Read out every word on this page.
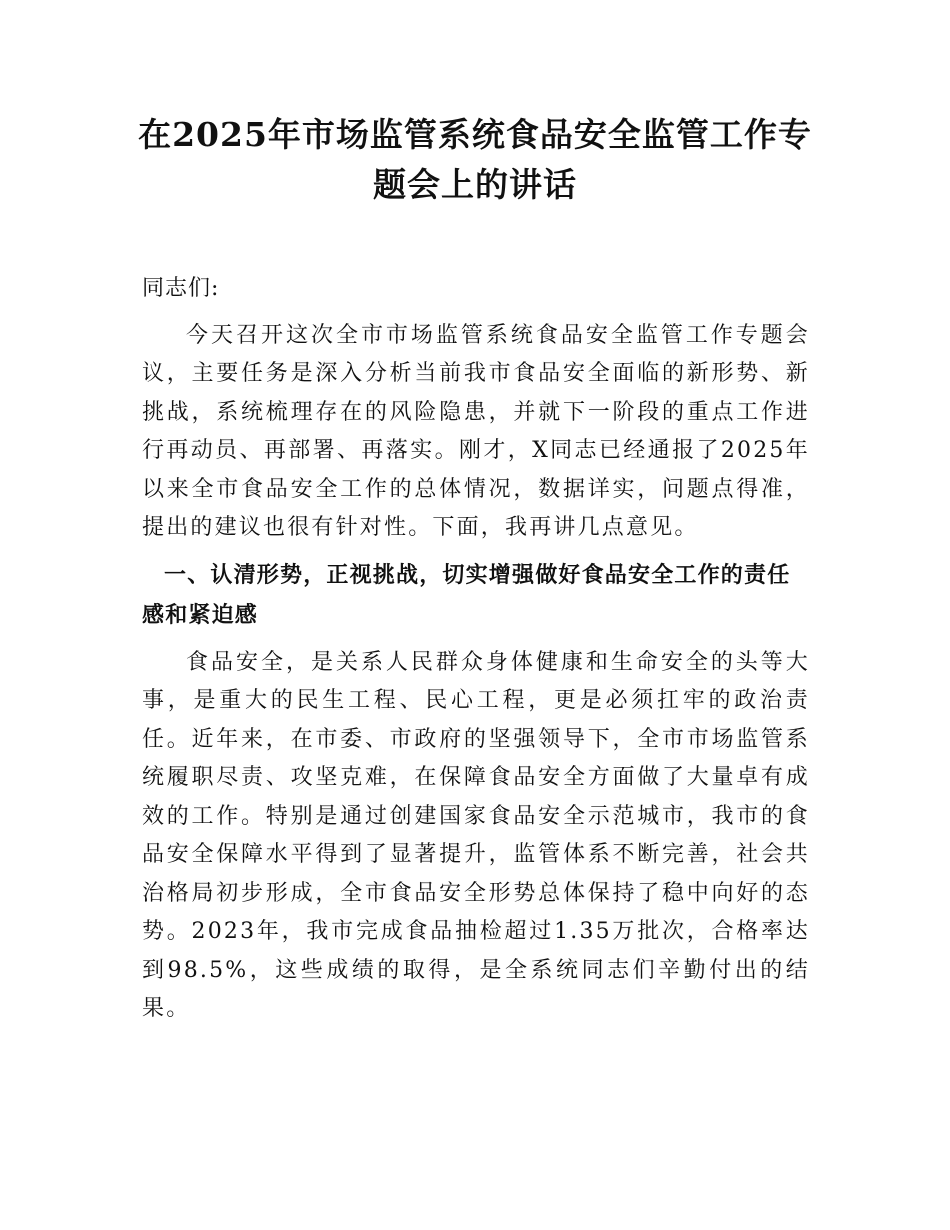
在2025年市场监管系统食品安全监管工作专题会上的讲话

同志们:

今天召开这次全市市场监管系统食品安全监管工作专题会议，主要任务是深入分析当前我市食品安全面临的新形势、新挑战，系统梳理存在的风险隐患，并就下一阶段的重点工作进行再动员、再部署、再落实。刚才，X同志已经通报了2025年以来全市食品安全工作的总体情况，数据详实，问题点得准，提出的建议也很有针对性。下面，我再讲几点意见。

一、认清形势，正视挑战，切实增强做好食品安全工作的责任感和紧迫感

食品安全，是关系人民群众身体健康和生命安全的头等大事，是重大的民生工程、民心工程，更是必须扛牢的政治责任。近年来，在市委、市政府的坚强领导下，全市市场监管系统履职尽责、攻坚克难，在保障食品安全方面做了大量卓有成效的工作。特别是通过创建国家食品安全示范城市，我市的食品安全保障水平得到了显著提升，监管体系不断完善，社会共治格局初步形成，全市食品安全形势总体保持了稳中向好的态势。2023年，我市完成食品抽检超过1.35万批次，合格率达到98.5%，这些成绩的取得，是全系统同志们辛勤付出的结果。
